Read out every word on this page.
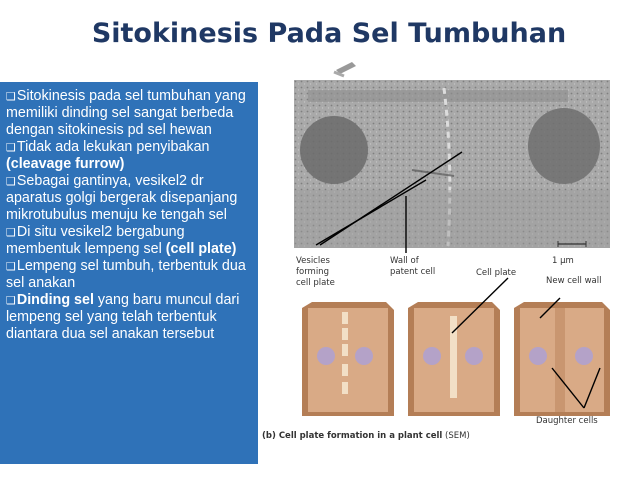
Sitokinesis Pada Sel Tumbuhan
❑Sitokinesis pada sel tumbuhan yang memiliki dinding sel sangat berbeda dengan sitokinesis pd sel hewan
❑Tidak ada lekukan penyibakan (cleavage furrow)
❑Sebagai gantinya, vesikel2 dr aparatus golgi bergerak disepanjang mikrotubulus menuju ke tengah sel
❑Di situ vesikel2 bergabung membentuk lempeng sel (cell plate)
❑Lempeng sel tumbuh, terbentuk dua sel anakan
❑Dinding sel yang baru muncul dari lempeng sel yang telah terbentuk diantara dua sel anakan tersebut
Vesicles
forming
cell plate
Wall of
patent cell	Cell plate
1 µm
New cell wall
Daughter cells
(b) Cell plate formation in a plant cell (SEM)
